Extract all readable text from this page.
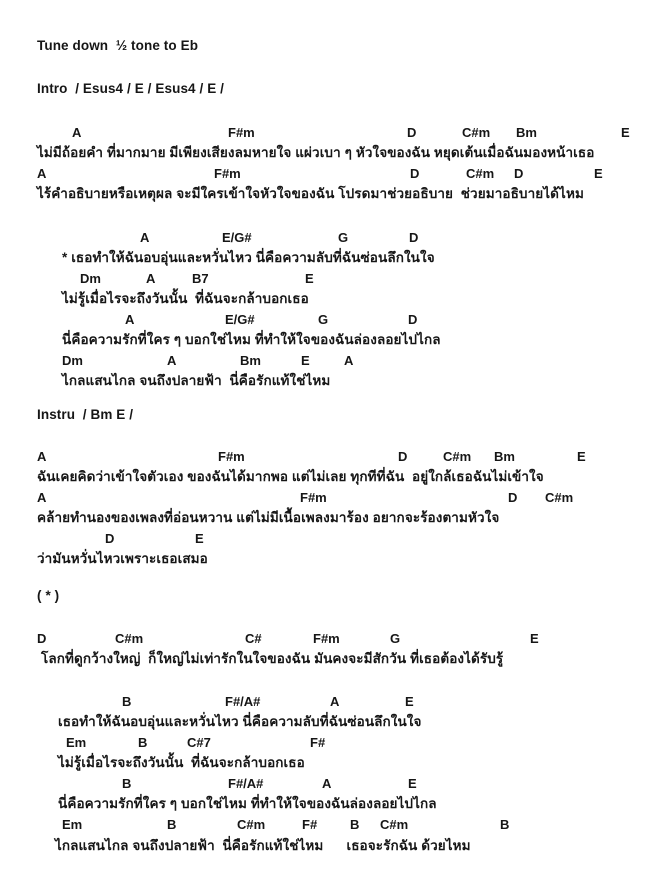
Tune down  ½ tone to Eb
Intro  / Esus4 / E / Esus4 / E /
A	F#m	D	C#m Bm	E
ไม่มีถ้อยคำ ที่มากมาย มีเพียงเสียงลมหายใจ แผ่วเบา ๆ หัวใจของฉัน หยุดเต้นเมื่อฉันมองหน้าเธอ
A	F#m	D	C#m D	E
ไร้คำอธิบายหรือเหตุผล จะมีใครเข้าใจหัวใจของฉัน โปรดมาช่วยอธิบาย  ช่วยมาอธิบายได้ไหม
A	E/G#	G	D
* เธอทำให้ฉันอบอุ่นและหวั่นไหว นี่คือความลับที่ฉันซ่อนลึกในใจ
Dm	A	B7	E
ไม่รู้เมื่อไรจะถึงวันนั้น  ที่ฉันจะกล้าบอกเธอ
A	E/G#	G	D
นี่คือความรักที่ใคร ๆ บอกใช่ไหม ที่ทำให้ใจของฉันล่องลอยไปไกล
Dm	A	Bm	E	A
ไกลแสนไกล จนถึงปลายฟ้า  นี่คือรักแท้ใช่ไหม
Instru  / Bm E /
A	F#m	D	C#m Bm	E
ฉันเคยคิดว่าเข้าใจตัวเอง ของฉันได้มากพอ แต่ไม่เลย ทุกทีที่ฉัน  อยู่ใกล้เธอฉันไม่เข้าใจ
A	F#m	D C#m
คล้ายทำนองของเพลงที่อ่อนหวาน แต่ไม่มีเนื้อเพลงมาร้อง อยากจะร้องตามหัวใจ
D	E
ว่ามันหวั่นไหวเพราะเธอเสมอ
( * )
D	C#m	C#	F#m	G	E
โลกที่ดูกว้างใหญ่  ก็ใหญ่ไม่เท่ารักในใจของฉัน มันคงจะมีสักวัน ที่เธอต้องได้รับรู้
B	F#/A#	A	E
เธอทำให้ฉันอบอุ่นและหวั่นไหว นี่คือความลับที่ฉันซ่อนลึกในใจ
Em	B	C#7	F#
ไม่รู้เมื่อไรจะถึงวันนั้น  ที่ฉันจะกล้าบอกเธอ
B	F#/A#	A	E
นี่คือความรักที่ใคร ๆ บอกใช่ไหม ที่ทำให้ใจของฉันล่องลอยไปไกล
Em	B	C#m	F#	B C#m	B
ไกลแสนไกล จนถึงปลายฟ้า  นี่คือรักแท้ใช่ไหม      เธอจะรักฉัน ด้วยไหม
